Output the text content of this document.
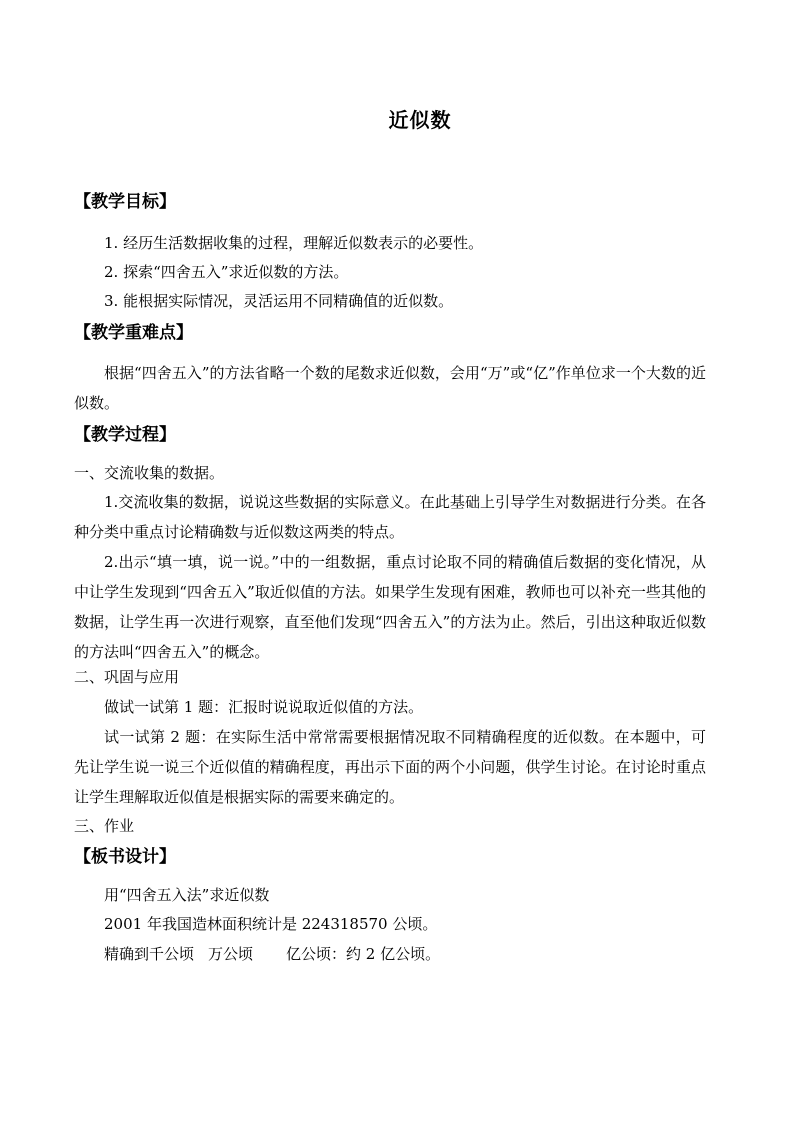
近似数
【教学目标】
1. 经历生活数据收集的过程，理解近似数表示的必要性。
2. 探索“四舍五入”求近似数的方法。
3. 能根据实际情况，灵活运用不同精确值的近似数。
【教学重难点】
根据“四舍五入”的方法省略一个数的尾数求近似数，会用“万”或“亿”作单位求一个大数的近似数。
【教学过程】
一、交流收集的数据。
1.交流收集的数据，说说这些数据的实际意义。在此基础上引导学生对数据进行分类。在各种分类中重点讨论精确数与近似数这两类的特点。
2.出示“填一填，说一说。”中的一组数据，重点讨论取不同的精确值后数据的变化情况，从中让学生发现到“四舍五入”取近似值的方法。如果学生发现有困难，教师也可以补充一些其他的数据，让学生再一次进行观察，直至他们发现“四舍五入”的方法为止。然后，引出这种取近似数的方法叫“四舍五入”的概念。
二、巩固与应用
做试一试第 1 题：汇报时说说取近似值的方法。
试一试第 2 题：在实际生活中常常需要根据情况取不同精确程度的近似数。在本题中，可先让学生说一说三个近似值的精确程度，再出示下面的两个小问题，供学生讨论。在讨论时重点让学生理解取近似值是根据实际的需要来确定的。
三、作业
【板书设计】
用“四舍五入法”求近似数
2001 年我国造林面积统计是 224318570 公顷。
精确到千公顷 万公顷 亿公顷：约 2 亿公顷。
